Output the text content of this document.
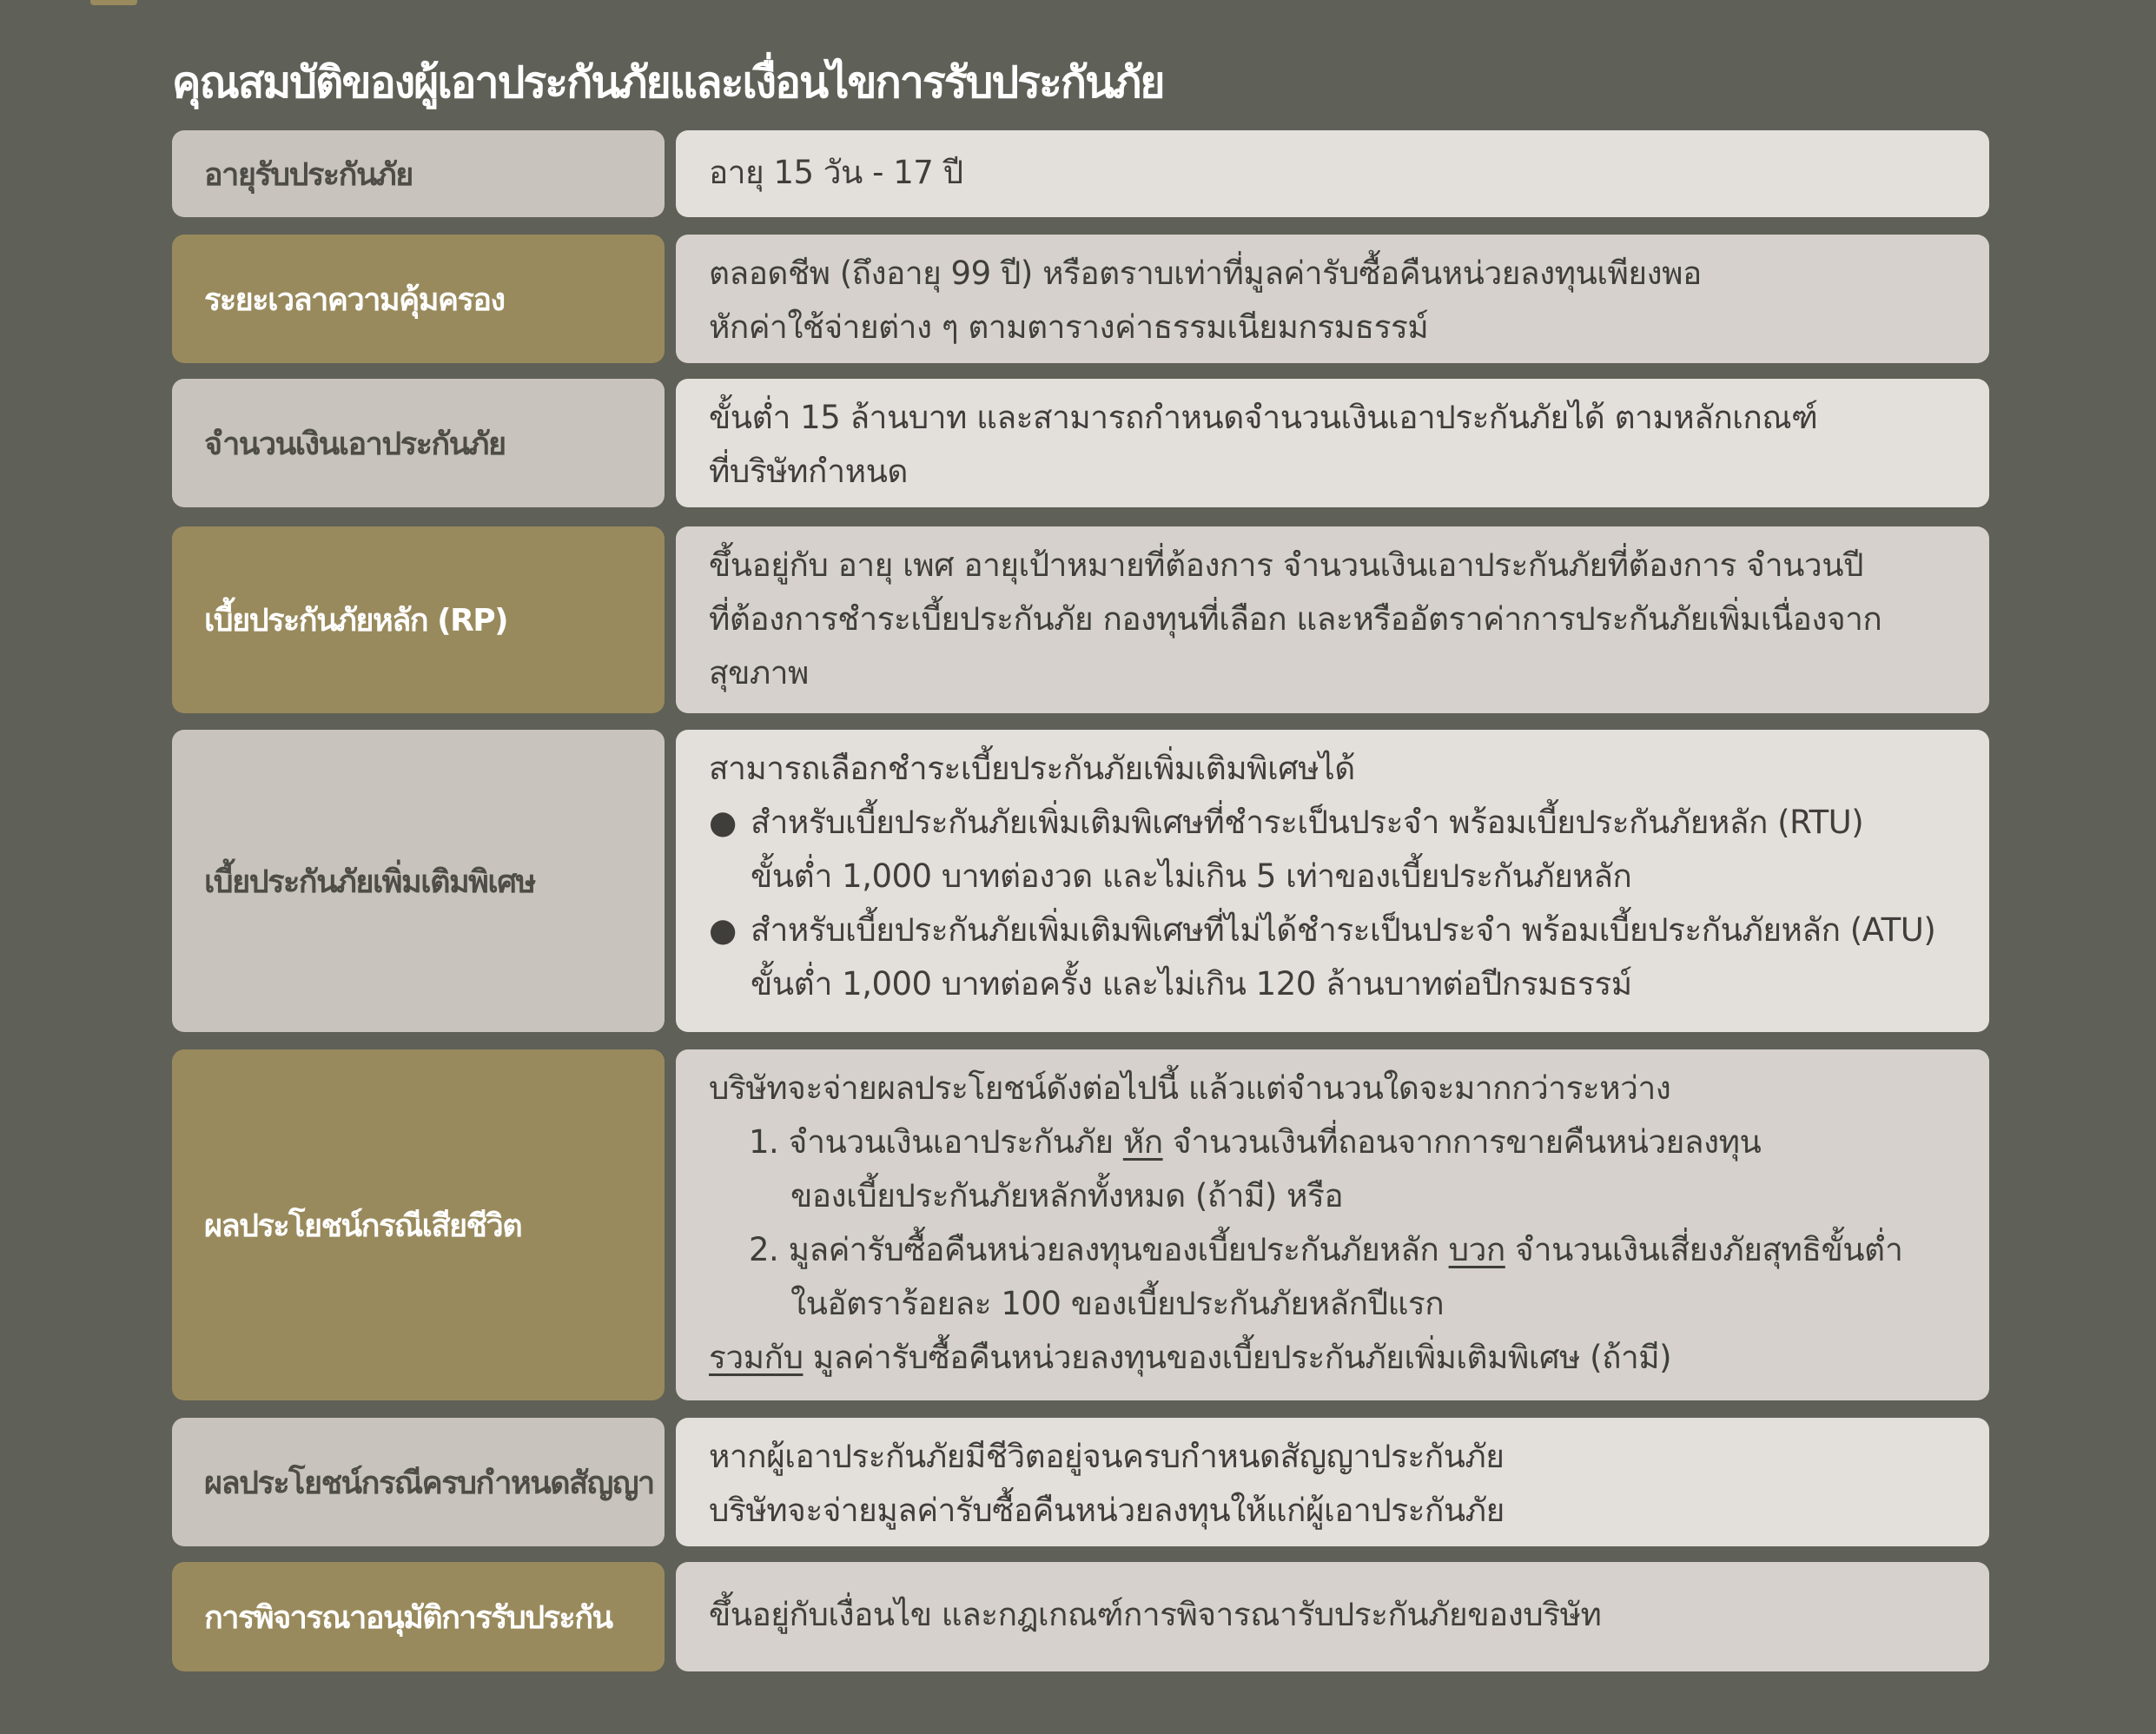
คุณสมบัติของผู้เอาประกันภัยและเงื่อนไขการรับประกันภัย
อายุรับประกันภัย	อายุ 15 วัน - 17 ปี
ระยะเวลาความคุ้มครอง
ตลอดชีพ (ถึงอายุ 99 ปี) หรือตราบเท่าที่มูลค่ารับซื้อคืนหน่วยลงทุนเพียงพอ
หักค่าใช้จ่ายต่าง ๆ ตามตารางค่าธรรมเนียมกรมธรรม์
จำนวนเงินเอาประกันภัย
ขั้นต่ำ 15 ล้านบาท และสามารถกำหนดจำนวนเงินเอาประกันภัยได้ ตามหลักเกณฑ์
ที่บริษัทกำหนด
เบี้ยประกันภัยหลัก (RP)
ขึ้นอยู่กับ อายุ เพศ อายุเป้าหมายที่ต้องการ จำนวนเงินเอาประกันภัยที่ต้องการ จำนวนปี
ที่ต้องการชำระเบี้ยประกันภัย กองทุนที่เลือก และหรืออัตราค่าการประกันภัยเพิ่มเนื่องจาก
สุขภาพ
เบี้ยประกันภัยเพิ่มเติมพิเศษ
สามารถเลือกชำระเบี้ยประกันภัยเพิ่มเติมพิเศษได้
● สำหรับเบี้ยประกันภัยเพิ่มเติมพิเศษที่ชำระเป็นประจำ พร้อมเบี้ยประกันภัยหลัก (RTU)
ขั้นต่ำ 1,000 บาทต่องวด และไม่เกิน 5 เท่าของเบี้ยประกันภัยหลัก
● สำหรับเบี้ยประกันภัยเพิ่มเติมพิเศษที่ไม่ได้ชำระเป็นประจำ พร้อมเบี้ยประกันภัยหลัก (ATU)
ขั้นต่ำ 1,000 บาทต่อครั้ง และไม่เกิน 120 ล้านบาทต่อปีกรมธรรม์
ผลประโยชน์กรณีเสียชีวิต
บริษัทจะจ่ายผลประโยชน์ดังต่อไปนี้ แล้วแต่จำนวนใดจะมากกว่าระหว่าง
1. จำนวนเงินเอาประกันภัย หัก จำนวนเงินที่ถอนจากการขายคืนหน่วยลงทุน
ของเบี้ยประกันภัยหลักทั้งหมด (ถ้ามี) หรือ
2. มูลค่ารับซื้อคืนหน่วยลงทุนของเบี้ยประกันภัยหลัก บวก จำนวนเงินเสี่ยงภัยสุทธิขั้นต่ำ
ในอัตราร้อยละ 100 ของเบี้ยประกันภัยหลักปีแรก
รวมกับ มูลค่ารับซื้อคืนหน่วยลงทุนของเบี้ยประกันภัยเพิ่มเติมพิเศษ (ถ้ามี)
ผลประโยชน์กรณีครบกำหนดสัญญา
หากผู้เอาประกันภัยมีชีวิตอยู่จนครบกำหนดสัญญาประกันภัย
บริษัทจะจ่ายมูลค่ารับซื้อคืนหน่วยลงทุนให้แก่ผู้เอาประกันภัย
การพิจารณาอนุมัติการรับประกัน	ขึ้นอยู่กับเงื่อนไข และกฎเกณฑ์การพิจารณารับประกันภัยของบริษัท
